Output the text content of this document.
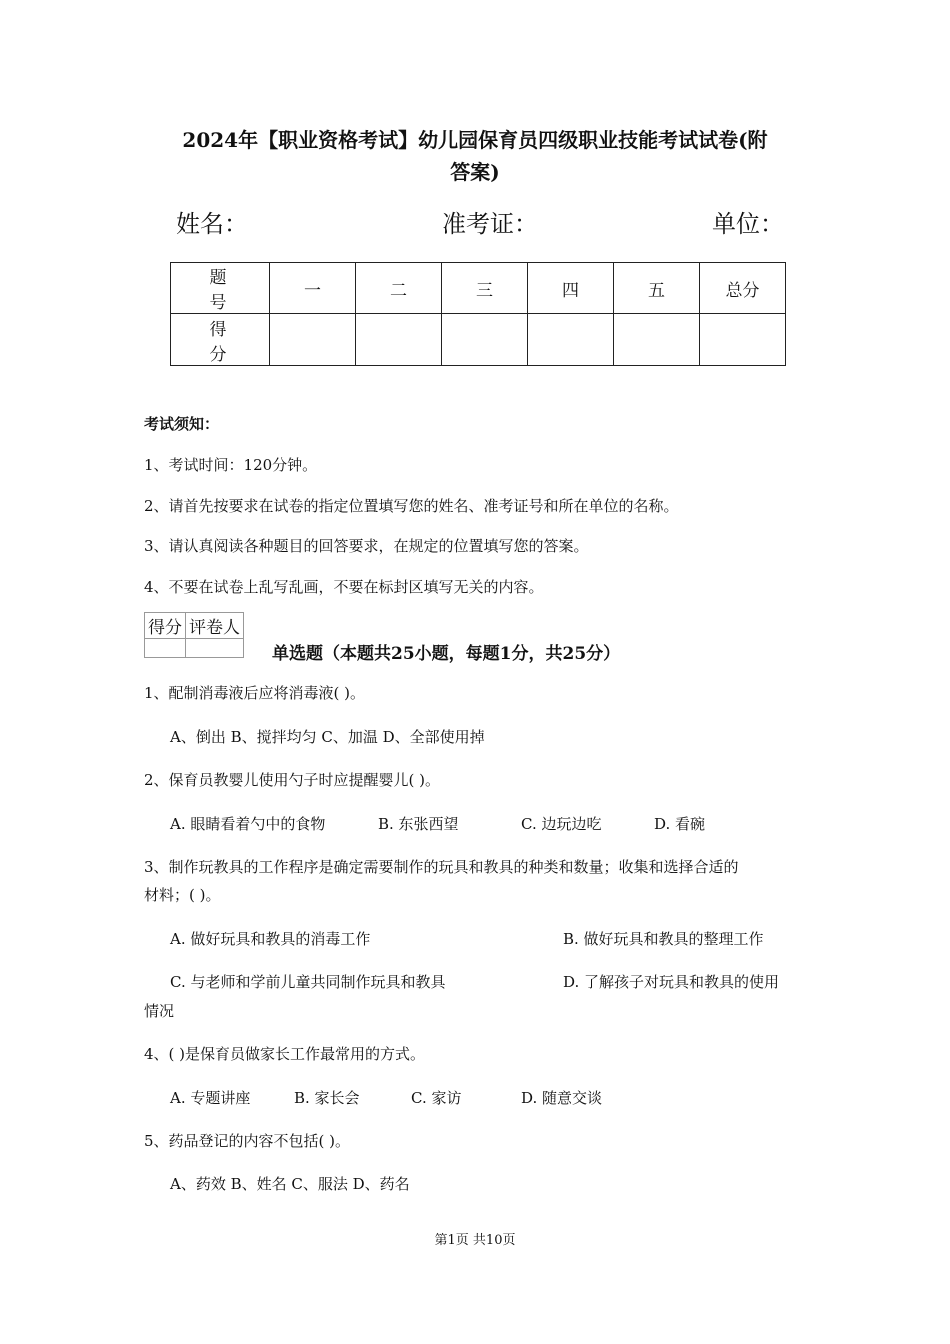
2024年【职业资格考试】幼儿园保育员四级职业技能考试试卷(附
答案)
姓名：	准考证：	单位：
题 号	一	二	三	四	五	总分
得 分						
考试须知：
1、考试时间：120分钟。
2、请首先按要求在试卷的指定位置填写您的姓名、准考证号和所在单位的名称。
3、请认真阅读各种题目的回答要求，在规定的位置填写您的答案。
4、不要在试卷上乱写乱画，不要在标封区填写无关的内容。
得分	评卷人

单选题（本题共25小题，每题1分，共25分）
1、配制消毒液后应将消毒液( )。
A、倒出 B、搅拌均匀 C、加温 D、全部使用掉
2、保育员教婴儿使用勺子时应提醒婴儿( )。
A. 眼睛看着勺中的食物	B. 东张西望	C. 边玩边吃	D. 看碗
3、制作玩教具的工作程序是确定需要制作的玩具和教具的种类和数量；收集和选择合适的
材料；( )。
A. 做好玩具和教具的消毒工作	B. 做好玩具和教具的整理工作
C. 与老师和学前儿童共同制作玩具和教具	D. 了解孩子对玩具和教具的使用
情况
4、( )是保育员做家长工作最常用的方式。
A. 专题讲座	B. 家长会	C. 家访	D. 随意交谈
5、药品登记的内容不包括( )。
A、药效 B、姓名 C、服法 D、药名
第1页 共10页
